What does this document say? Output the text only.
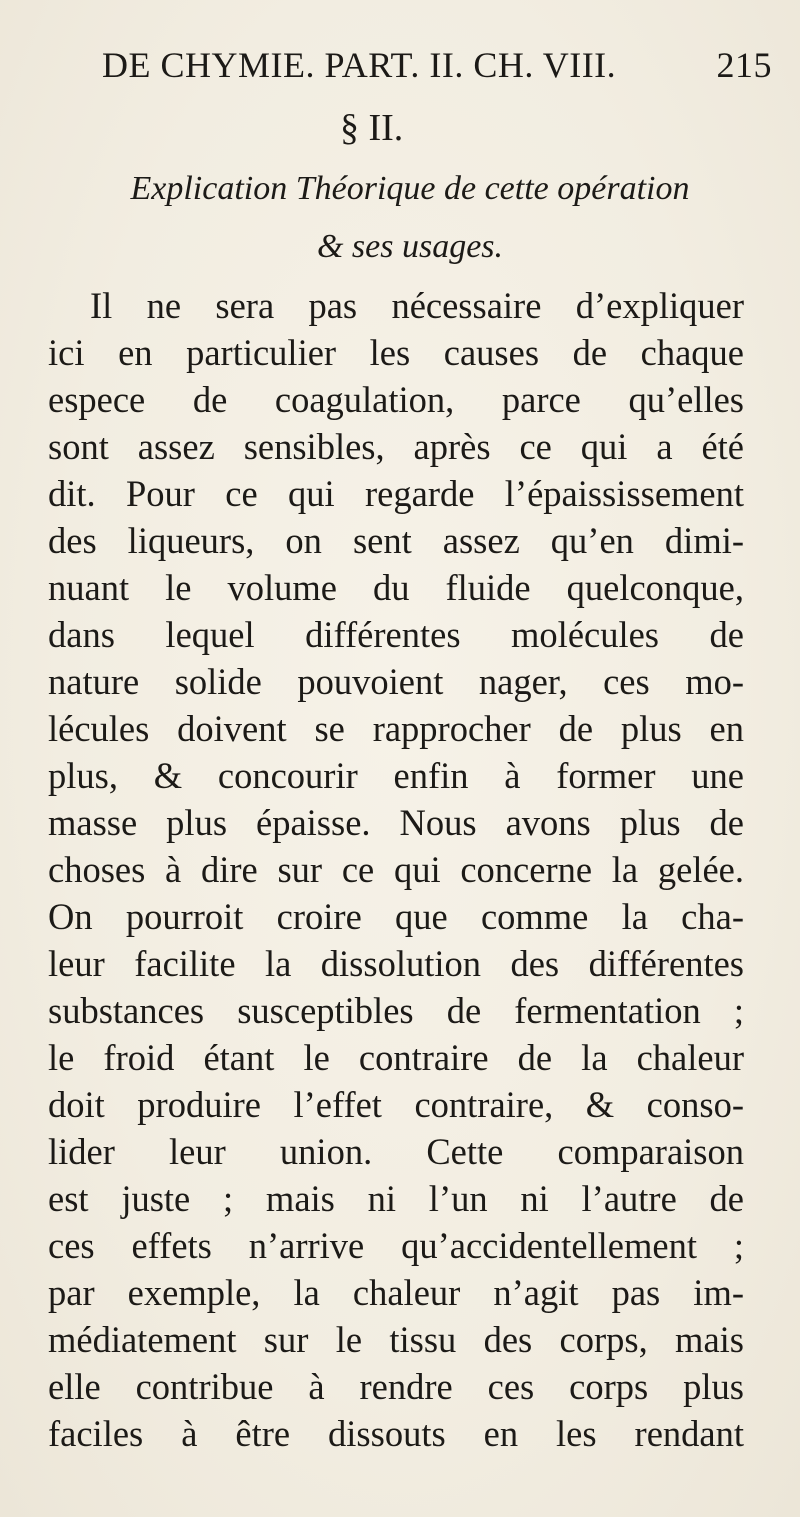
DE CHYMIE. PART. II. CH. VIII.	215
§ II.
Explication Théorique de cette opération
& ses usages.
Il ne sera pas nécessaire d’expliquer
ici en particulier les causes de chaque
espece de coagulation, parce qu’elles
sont assez sensibles, après ce qui a été
dit. Pour ce qui regarde l’épaississement
des liqueurs, on sent assez qu’en dimi-
nuant le volume du fluide quelconque,
dans lequel différentes molécules de
nature solide pouvoient nager, ces mo-
lécules doivent se rapprocher de plus en
plus, & concourir enfin à former une
masse plus épaisse. Nous avons plus de
choses à dire sur ce qui concerne la gelée.
On pourroit croire que comme la cha-
leur facilite la dissolution des différentes
substances susceptibles de fermentation ;
le froid étant le contraire de la chaleur
doit produire l’effet contraire, & conso-
lider leur union. Cette comparaison
est juste ; mais ni l’un ni l’autre de
ces effets n’arrive qu’accidentellement ;
par exemple, la chaleur n’agit pas im-
médiatement sur le tissu des corps, mais
elle contribue à rendre ces corps plus
faciles à être dissouts en les rendant
